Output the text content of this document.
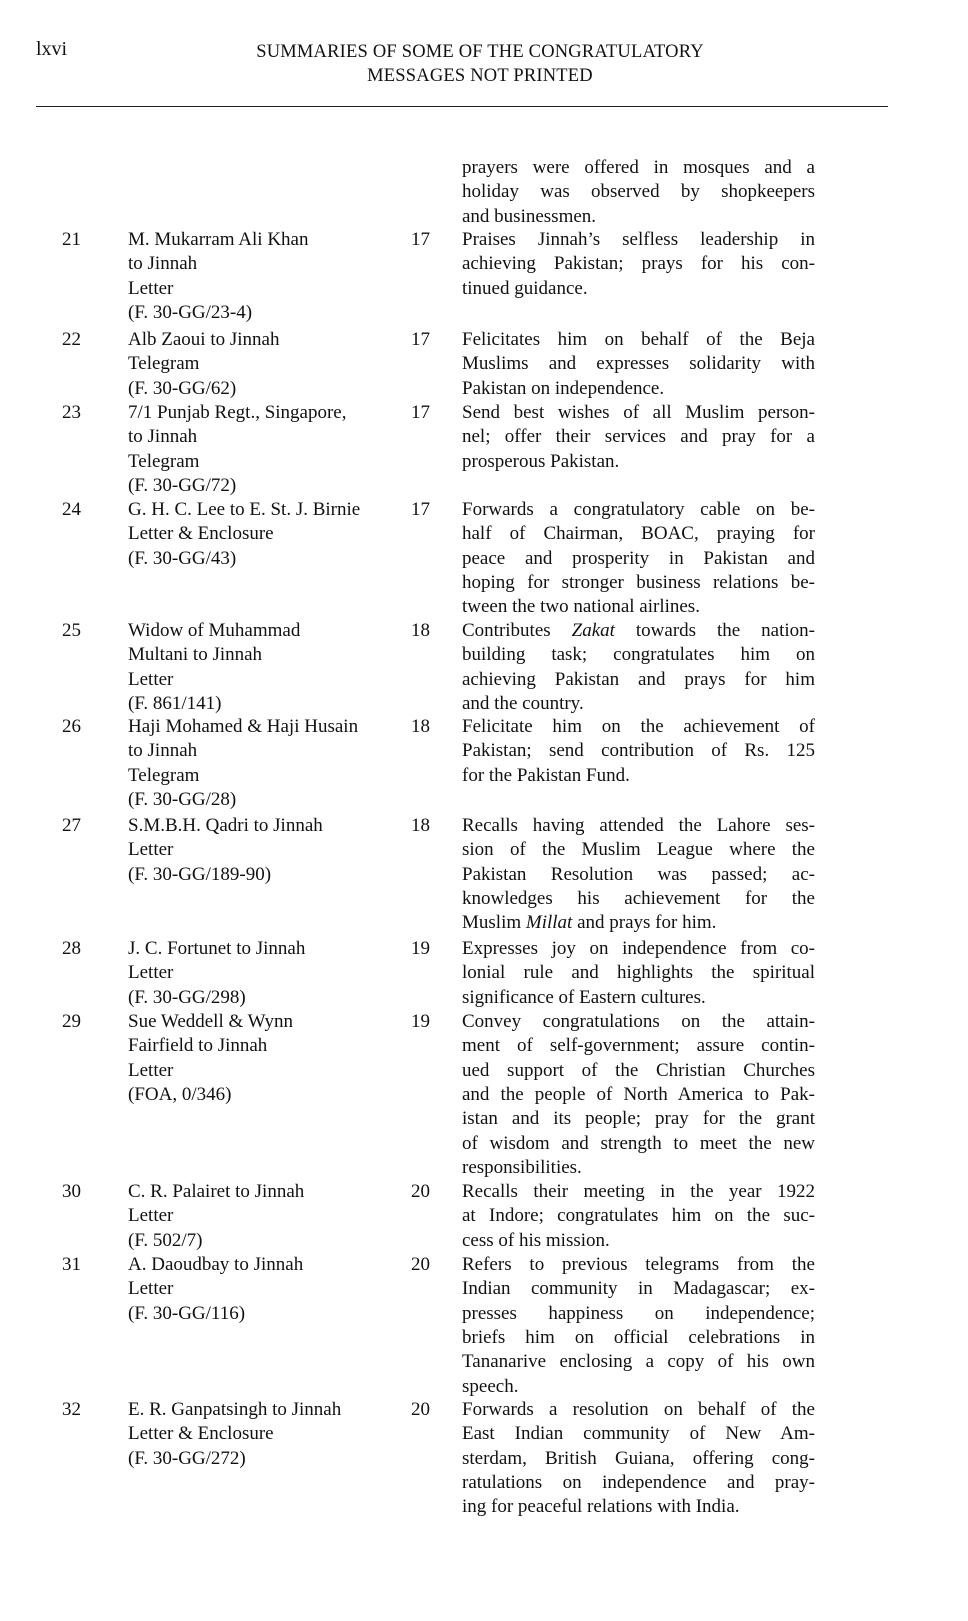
lxvi	SUMMARIES OF SOME OF THE CONGRATULATORY
MESSAGES NOT PRINTED
prayers were offered in mosques and a
holiday was observed by shopkeepers
and businessmen.
21 M. Mukarram Ali Khan
to Jinnah
Letter
(F. 30-GG/23-4)
17 Praises Jinnah’s selfless leadership in
achieving Pakistan; prays for his con-
tinued guidance.
22 Alb Zaoui to Jinnah
Telegram
(F. 30-GG/62)
17 Felicitates him on behalf of the Beja
Muslims and expresses solidarity with
Pakistan on independence.
23 7/1 Punjab Regt., Singapore,
to Jinnah
Telegram
(F. 30-GG/72)
17 Send best wishes of all Muslim person-
nel; offer their services and pray for a
prosperous Pakistan.
24 G. H. C. Lee to E. St. J. Birnie
Letter & Enclosure
(F. 30-GG/43)
17 Forwards a congratulatory cable on be-
half of Chairman, BOAC, praying for
peace and prosperity in Pakistan and
hoping for stronger business relations be-
tween the two national airlines.
25 Widow of Muhammad
Multani to Jinnah
Letter
(F. 861/141)
18 Contributes Zakat towards the nation-
building task; congratulates him on
achieving Pakistan and prays for him
and the country.
26 Haji Mohamed & Haji Husain
to Jinnah
Telegram
(F. 30-GG/28)
18 Felicitate him on the achievement of
Pakistan; send contribution of Rs. 125
for the Pakistan Fund.
27 S.M.B.H. Qadri to Jinnah
Letter
(F. 30-GG/189-90)
18 Recalls having attended the Lahore ses-
sion of the Muslim League where the
Pakistan Resolution was passed; ac-
knowledges his achievement for the
Muslim Millat and prays for him.
28 J. C. Fortunet to Jinnah
Letter
(F. 30-GG/298)
19 Expresses joy on independence from co-
lonial rule and highlights the spiritual
significance of Eastern cultures.
29 Sue Weddell & Wynn
Fairfield to Jinnah
Letter
(FOA, 0/346)
19 Convey congratulations on the attain-
ment of self-government; assure contin-
ued support of the Christian Churches
and the people of North America to Pak-
istan and its people; pray for the grant
of wisdom and strength to meet the new
responsibilities.
30 C. R. Palairet to Jinnah
Letter
(F. 502/7)
20 Recalls their meeting in the year 1922
at Indore; congratulates him on the suc-
cess of his mission.
31 A. Daoudbay to Jinnah
Letter
(F. 30-GG/116)
20 Refers to previous telegrams from the
Indian community in Madagascar; ex-
presses happiness on independence;
briefs him on official celebrations in
Tananarive enclosing a copy of his own
speech.
32 E. R. Ganpatsingh to Jinnah
Letter & Enclosure
(F. 30-GG/272)
20 Forwards a resolution on behalf of the
East Indian community of New Am-
sterdam, British Guiana, offering cong-
ratulations on independence and pray-
ing for peaceful relations with India.
